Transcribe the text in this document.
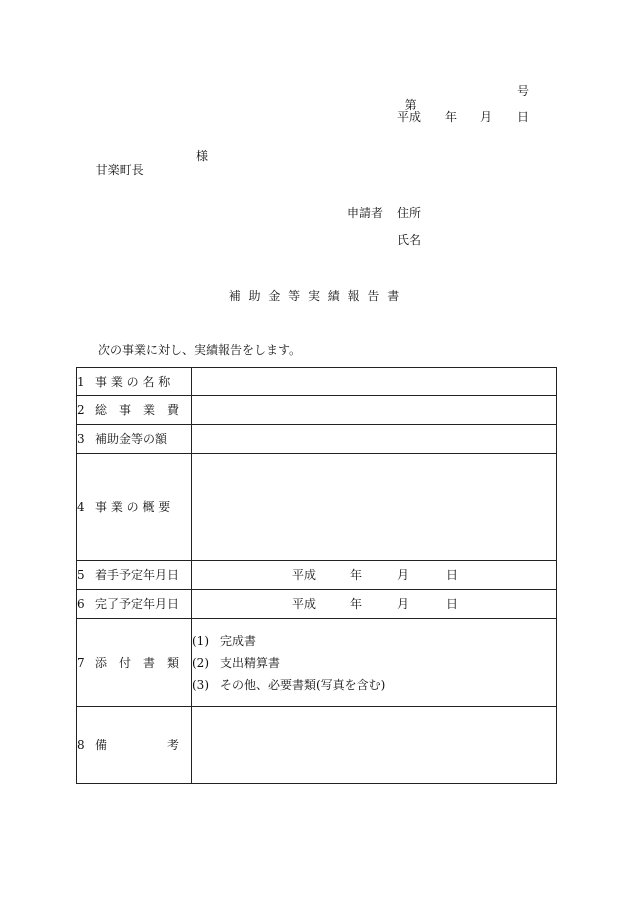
第

号

平成

年

月

日

甘楽町長

様

申請者 住所
氏名
補 助 金 等 実 績 報 告 書
次の事業に対し、実績報告をします。
1 事 業 の 名 称	
2 総　事　業　費	
3 補助金等の額	
4 事 業 の 概 要	
5 着手予定年月日	平成 年 月 日

6 完了予定年月日	平成 年 月 日

7 添　付　書　類	(1) 完成書
(2) 支出精算書
(3) その他、必要書類(写真を含む)

8 備　　　　　考	
